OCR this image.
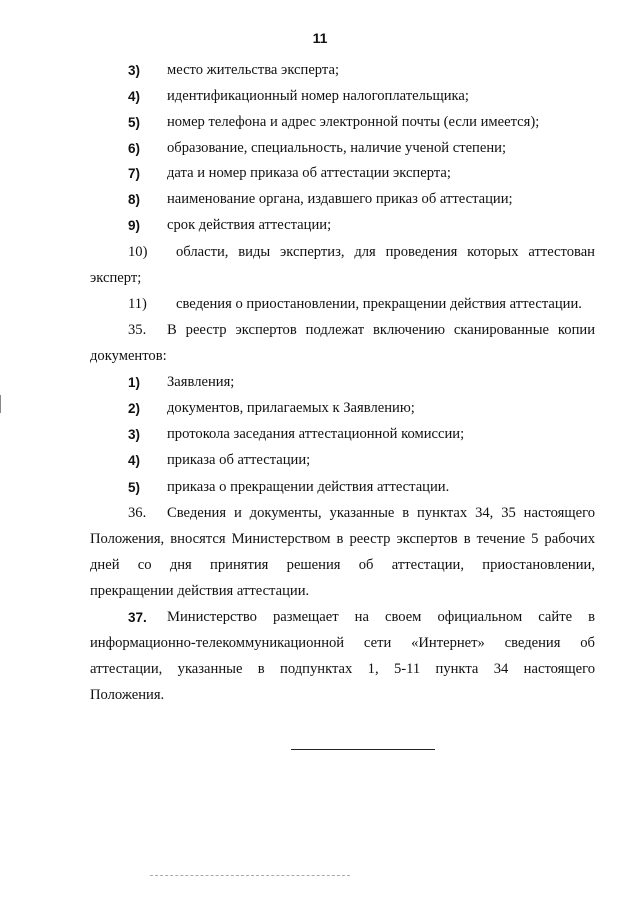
11
3) место жительства эксперта;
4) идентификационный номер налогоплательщика;
5) номер телефона и адрес электронной почты (если имеется);
6) образование, специальность, наличие ученой степени;
7) дата и номер приказа об аттестации эксперта;
8) наименование органа, издавшего приказ об аттестации;
9) срок действия аттестации;
10) области, виды экспертиз, для проведения которых аттестован
эксперт;
11) сведения о приостановлении, прекращении действия аттестации.
35. В реестр экспертов подлежат включению сканированные копии
документов:
1) Заявления;
2) документов, прилагаемых к Заявлению;
3) протокола заседания аттестационной комиссии;
4) приказа об аттестации;
5) приказа о прекращении действия аттестации.
36. Сведения и документы, указанные в пунктах 34, 35 настоящего
Положения, вносятся Министерством в реестр экспертов в течение 5 рабочих
дней со дня принятия решения об аттестации, приостановлении,
прекращении действия аттестации.
37. Министерство размещает на своем официальном сайте в
информационно-телекоммуникационной сети «Интернет» сведения об
аттестации, указанные в подпунктах 1, 5-11 пункта 34 настоящего
Положения.
